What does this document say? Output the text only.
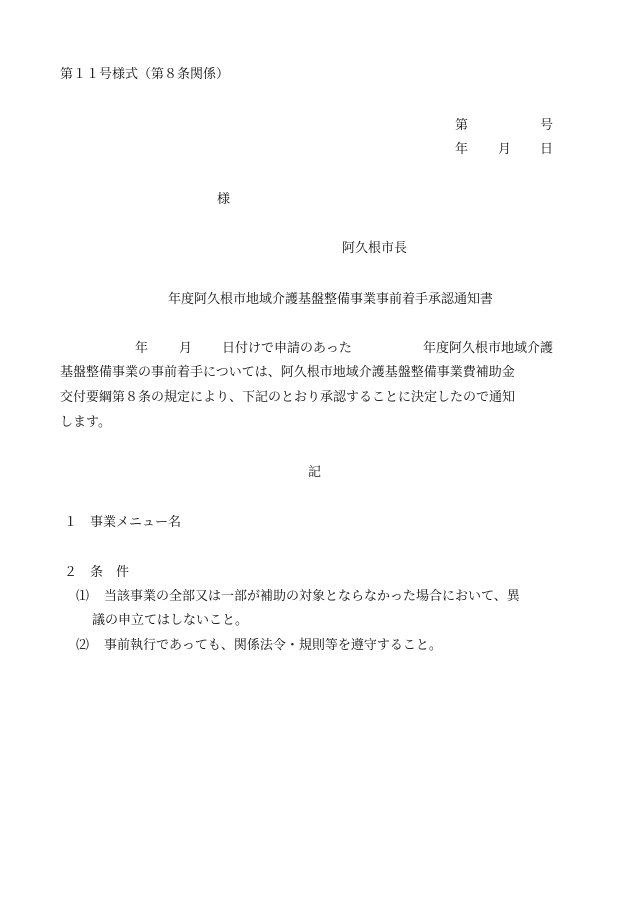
第１１号様式（第８条関係）
第	号
年 月 日
様
阿久根市長
年度阿久根市地域介護基盤整備事業事前着手承認通知書
年 月 日付けで申請のあった	年度阿久根市地域介護
基盤整備事業の事前着手については、阿久根市地域介護基盤整備事業費補助金
交付要綱第８条の規定により、下記のとおり承認することに決定したので通知
します。
記
１　事業メニュー名
２　条　件
⑴ 当該事業の全部又は一部が補助の対象とならなかった場合において、異
議の申立てはしないこと。
⑵ 事前執行であっても、関係法令・規則等を遵守すること。
